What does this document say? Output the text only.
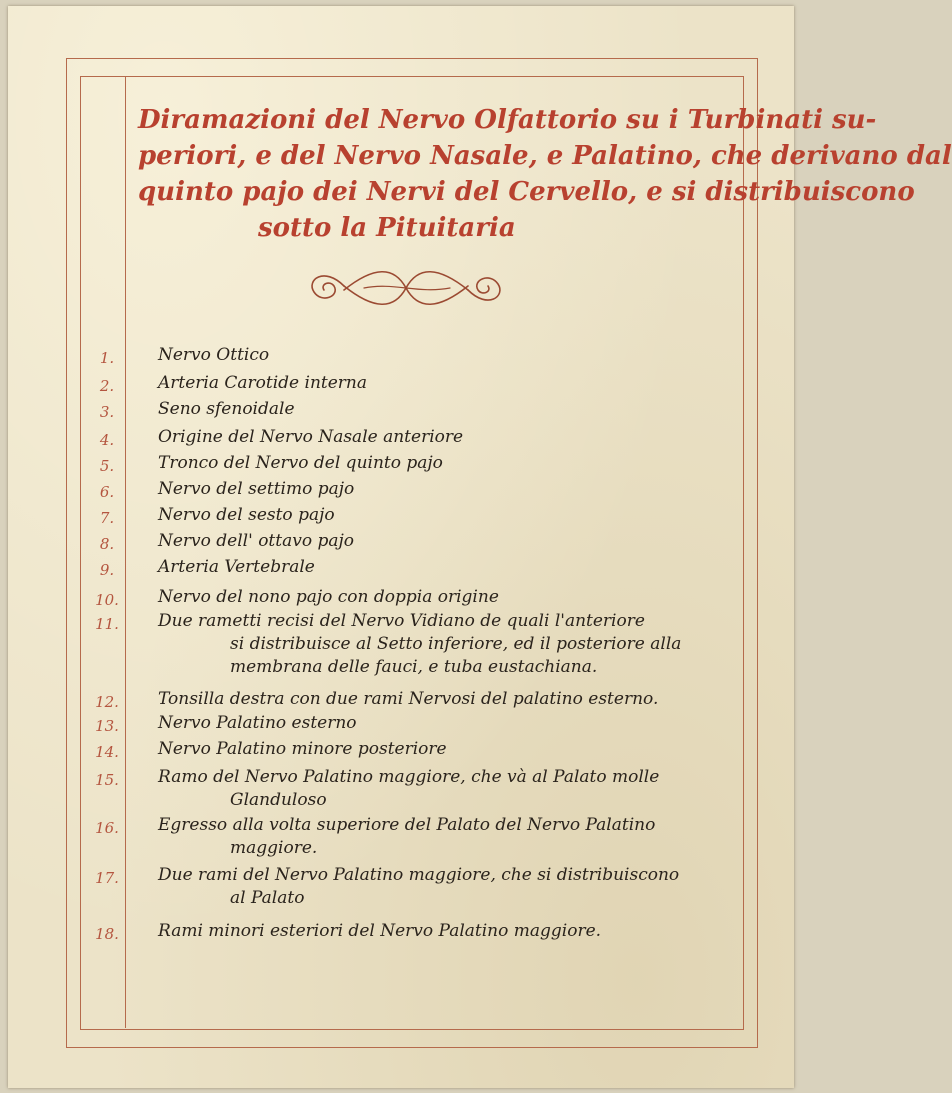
Diramazioni del Nervo Olfattorio su i Turbinati su-
periori, e del Nervo Nasale, e Palatino, che derivano dal
quinto pajo dei Nervi del Cervello, e si distribuiscono
sotto la Pituitaria
1.	Nervo Ottico
2.	Arteria Carotide interna
3.	Seno sfenoidale
4.	Origine del Nervo Nasale anteriore
5.	Tronco del Nervo del quinto pajo
6.	Nervo del settimo pajo
7.	Nervo del sesto pajo
8.	Nervo dell' ottavo pajo
9.	Arteria Vertebrale
10.	Nervo del nono pajo con doppia origine
11.	Due rametti recisi del Nervo Vidiano de quali l'anteriore
si distribuisce al Setto inferiore, ed il posteriore alla
membrana delle fauci, e tuba eustachiana.
12.	Tonsilla destra con due rami Nervosi del palatino esterno.
13.	Nervo Palatino esterno
14.	Nervo Palatino minore posteriore
15.	Ramo del Nervo Palatino maggiore, che và al Palato molle
Glanduloso
16.	Egresso alla volta superiore del Palato del Nervo Palatino
maggiore.
17.	Due rami del Nervo Palatino maggiore, che si distribuiscono
al Palato
18.	Rami minori esteriori del Nervo Palatino maggiore.
